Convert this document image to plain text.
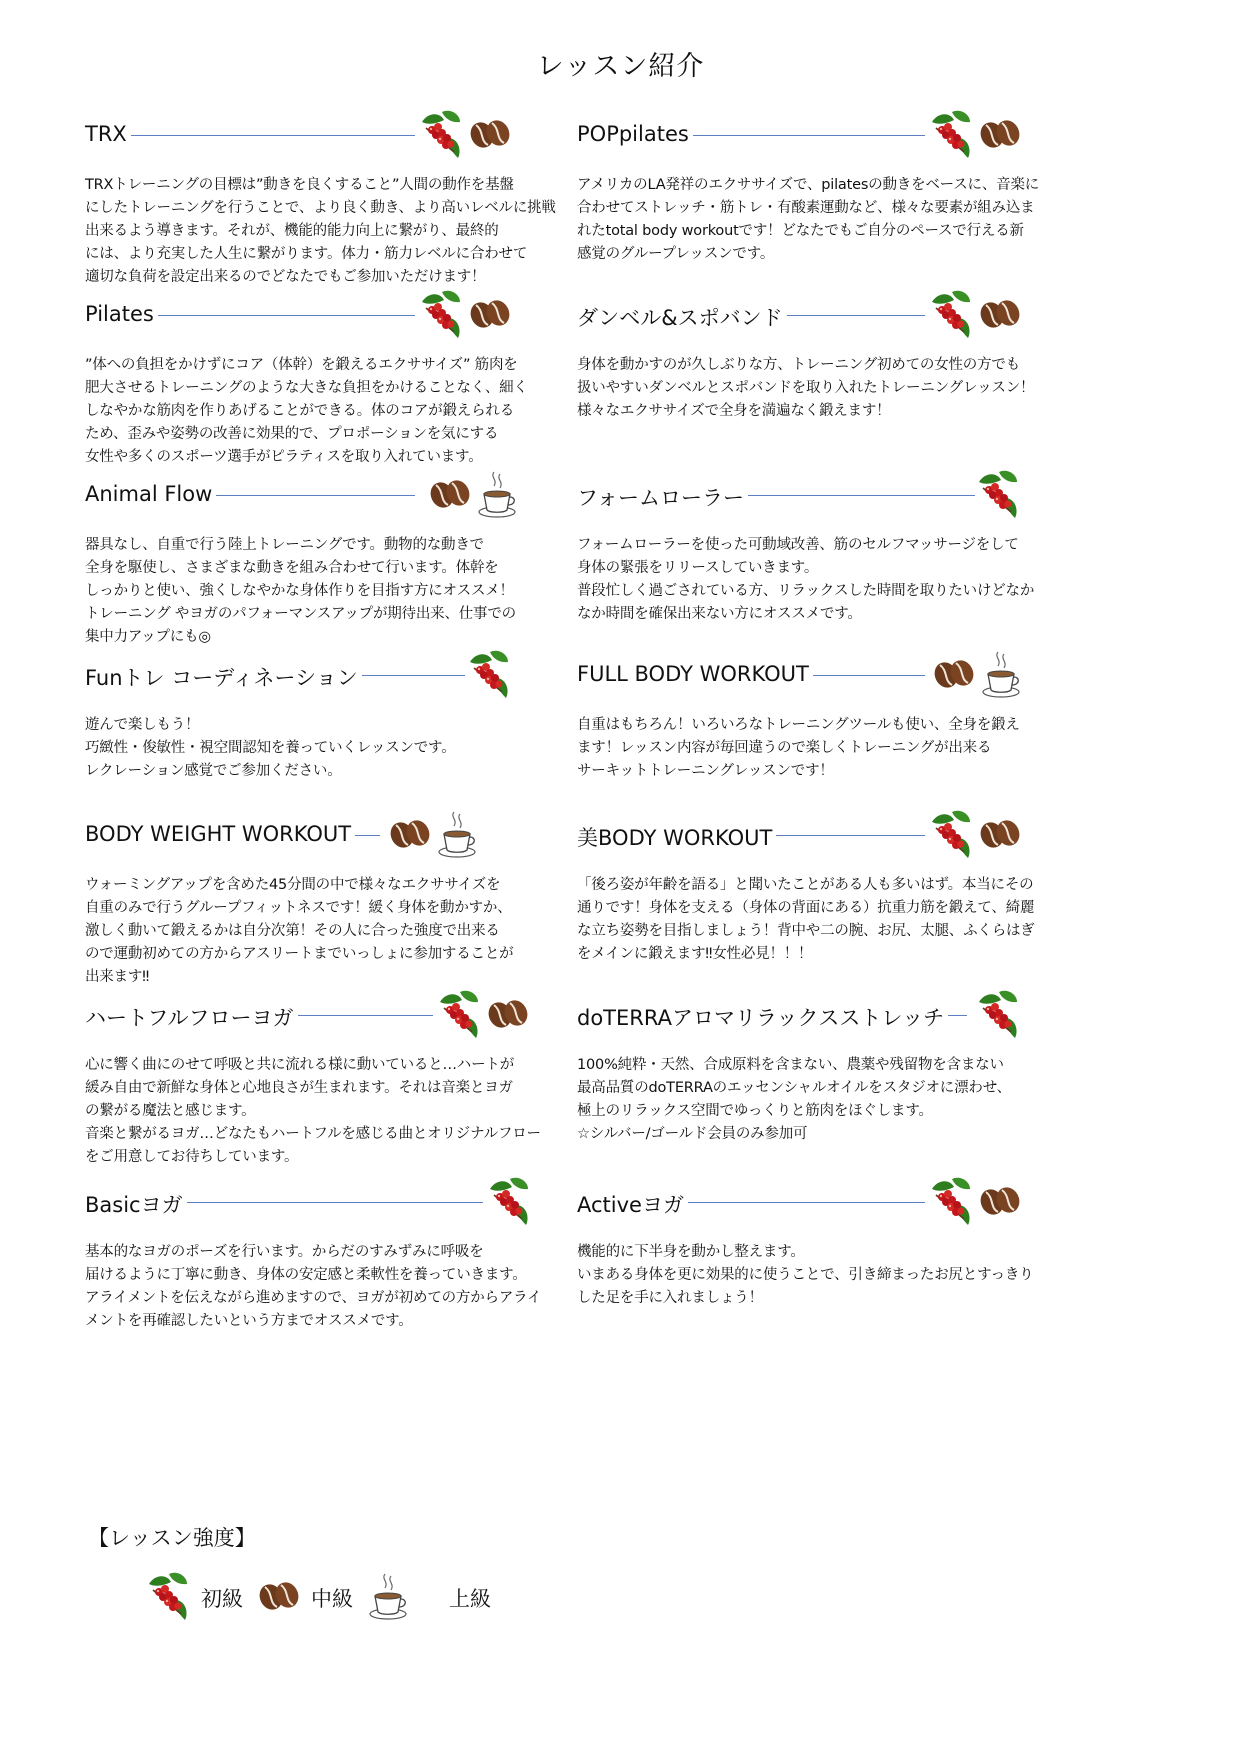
レッスン紹介
TRX
TRXトレーニングの目標は”動きを良くすること”人間の動作を基盤
にしたトレーニングを行うことで、より良く動き、より高いレベルに挑戦
出来るよう導きます。それが、機能的能力向上に繋がり、最終的
には、より充実した人生に繋がります。体力・筋力レベルに合わせて
適切な負荷を設定出来るのでどなたでもご参加いただけます！
POPpilates
アメリカのLA発祥のエクササイズで、pilatesの動きをベースに、音楽に
合わせてストレッチ・筋トレ・有酸素運動など、様々な要素が組み込ま
れたtotal body workoutです！どなたでもご自分のペースで行える新
感覚のグループレッスンです。
Pilates
”体への負担をかけずにコア（体幹）を鍛えるエクササイズ” 筋肉を
肥大させるトレーニングのような大きな負担をかけることなく、細く
しなやかな筋肉を作りあげることができる。体のコアが鍛えられる
ため、歪みや姿勢の改善に効果的で、プロポーションを気にする
女性や多くのスポーツ選手がピラティスを取り入れています。
ダンベル&スポバンド
身体を動かすのが久しぶりな方、トレーニング初めての女性の方でも
扱いやすいダンベルとスポバンドを取り入れたトレーニングレッスン！
様々なエクササイズで全身を満遍なく鍛えます！
Animal Flow
器具なし、自重で行う陸上トレーニングです。動物的な動きで
全身を駆使し、さまざまな動きを組み合わせて行います。体幹を
しっかりと使い、強くしなやかな身体作りを目指す方にオススメ！
トレーニング やヨガのパフォーマンスアップが期待出来、仕事での
集中力アップにも◎
フォームローラー
フォームローラーを使った可動域改善、筋のセルフマッサージをして
身体の緊張をリリースしていきます。
普段忙しく過ごされている方、リラックスした時間を取りたいけどなか
なか時間を確保出来ない方にオススメです。
Funトレ コーディネーション
遊んで楽しもう！
巧緻性・俊敏性・視空間認知を養っていくレッスンです。
レクレーション感覚でご参加ください。
FULL BODY WORKOUT
自重はもちろん！いろいろなトレーニングツールも使い、全身を鍛え
ます！レッスン内容が毎回違うので楽しくトレーニングが出来る
サーキットトレーニングレッスンです！
BODY WEIGHT WORKOUT
ウォーミングアップを含めた45分間の中で様々なエクササイズを
自重のみで行うグループフィットネスです！緩く身体を動かすか、
激しく動いて鍛えるかは自分次第！その人に合った強度で出来る
ので運動初めての方からアスリートまでいっしょに参加することが
出来ます‼︎
美BODY WORKOUT
「後ろ姿が年齢を語る」と聞いたことがある人も多いはず。本当にその
通りです！身体を支える（身体の背面にある）抗重力筋を鍛えて、綺麗
な立ち姿勢を目指しましょう！背中や二の腕、お尻、太腿、ふくらはぎ
をメインに鍛えます‼︎女性必見！！！
ハートフルフローヨガ
心に響く曲にのせて呼吸と共に流れる様に動いていると…ハートが
緩み自由で新鮮な身体と心地良さが生まれます。それは音楽とヨガ
の繋がる魔法と感じます。
音楽と繋がるヨガ…どなたもハートフルを感じる曲とオリジナルフロー
をご用意してお待ちしています。
doTERRAアロマリラックスストレッチ
100%純粋・天然、合成原料を含まない、農薬や残留物を含まない
最高品質のdoTERRAのエッセンシャルオイルをスタジオに漂わせ、
極上のリラックス空間でゆっくりと筋肉をほぐします。
☆シルバー/ゴールド会員のみ参加可
Basicヨガ
基本的なヨガのポーズを行います。からだのすみずみに呼吸を
届けるように丁寧に動き、身体の安定感と柔軟性を養っていきます。
アライメントを伝えながら進めますので、ヨガが初めての方からアライ
メントを再確認したいという方までオススメです。
Activeヨガ
機能的に下半身を動かし整えます。
いまある身体を更に効果的に使うことで、引き締まったお尻とすっきり
した足を手に入れましょう！
【レッスン強度】
初級	中級	上級
